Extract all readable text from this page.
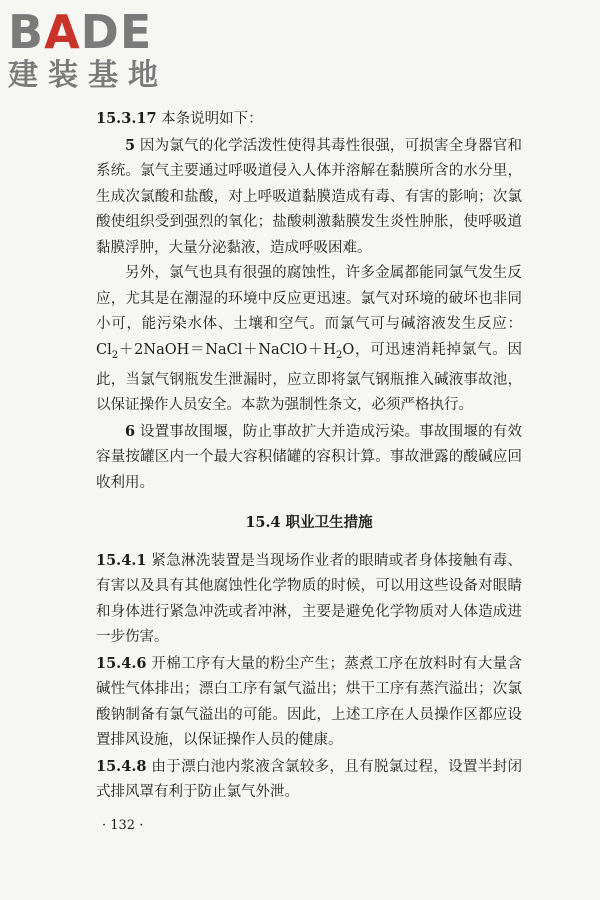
B A DE
建装基地

15.3.17 本条说明如下：

5 因为氯气的化学活泼性使得其毒性很强，可损害全身器官和系统。氯气主要通过呼吸道侵入人体并溶解在黏膜所含的水分里，生成次氯酸和盐酸，对上呼吸道黏膜造成有毒、有害的影响；次氯酸使组织受到强烈的氧化；盐酸刺激黏膜发生炎性肿胀，使呼吸道黏膜浮肿，大量分泌黏液，造成呼吸困难。

另外，氯气也具有很强的腐蚀性，许多金属都能同氯气发生反应，尤其是在潮湿的环境中反应更迅速。氯气对环境的破坏也非同小可，能污染水体、土壤和空气。而氯气可与碱溶液发生反应：$Cl_2+2NaOH=NaCl+NaClO+H_2O$，可迅速消耗掉氯气。因此，当氯气钢瓶发生泄漏时，应立即将氯气钢瓶推入碱液事故池，以保证操作人员安全。本款为强制性条文，必须严格执行。

6 设置事故围堰，防止事故扩大并造成污染。事故围堰的有效容量按罐区内一个最大容积储罐的容积计算。事故泄露的酸碱应回收利用。

15.4 职业卫生措施

15.4.1 紧急淋洗装置是当现场作业者的眼睛或者身体接触有毒、有害以及具有其他腐蚀性化学物质的时候，可以用这些设备对眼睛和身体进行紧急冲洗或者冲淋，主要是避免化学物质对人体造成进一步伤害。

15.4.6 开棉工序有大量的粉尘产生；蒸煮工序在放料时有大量含碱性气体排出；漂白工序有氯气溢出；烘干工序有蒸汽溢出；次氯酸钠制备有氯气溢出的可能。因此，上述工序在人员操作区都应设置排风设施，以保证操作人员的健康。

15.4.8 由于漂白池内浆液含氯较多，且有脱氯过程，设置半封闭式排风罩有利于防止氯气外泄。

· 132 ·
